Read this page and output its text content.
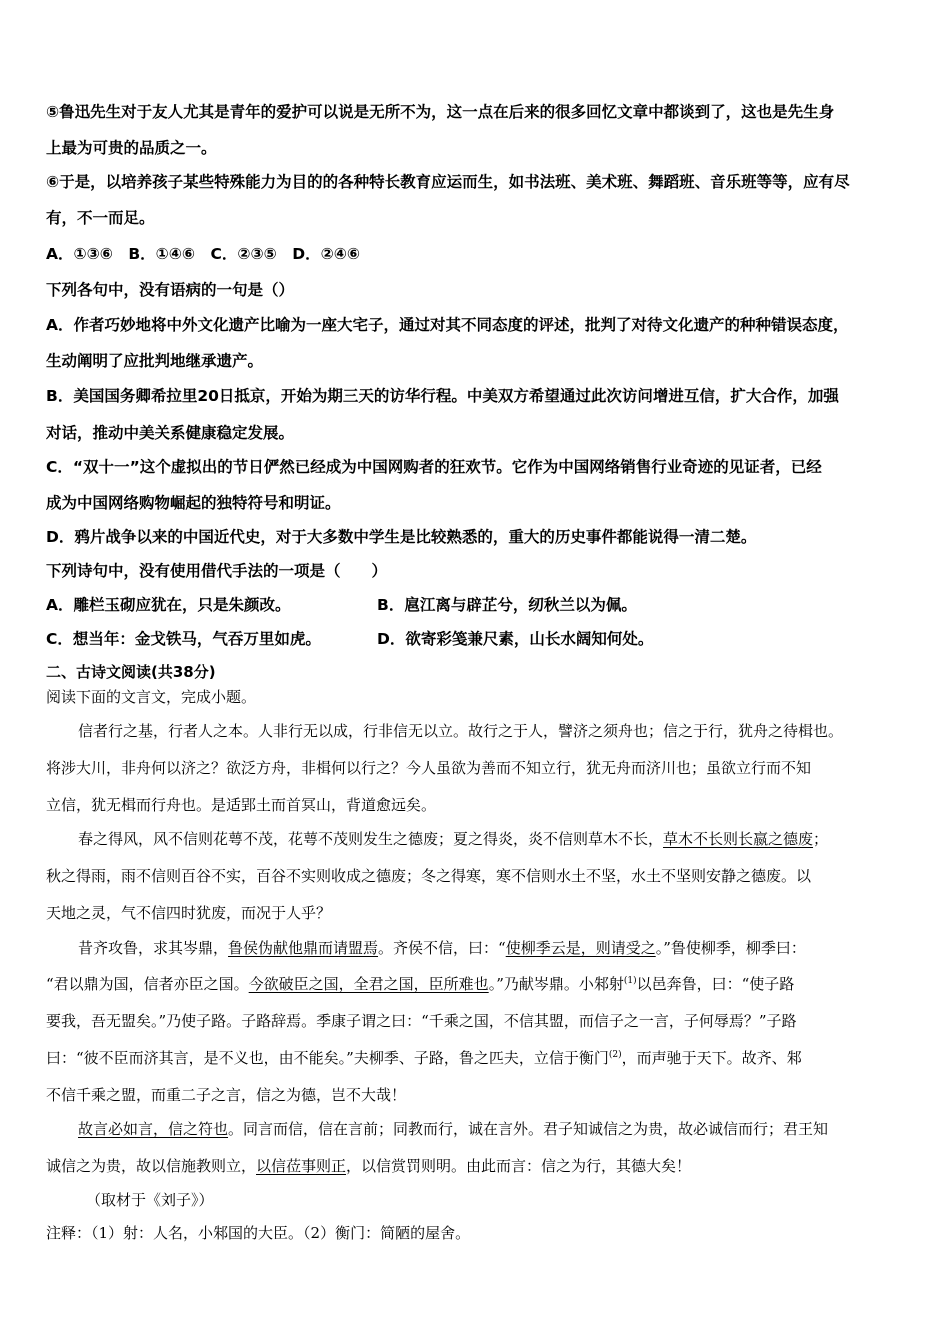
⑤鲁迅先生对于友人尤其是青年的爱护可以说是无所不为，这一点在后来的很多回忆文章中都谈到了，这也是先生身
上最为可贵的品质之一。
⑥于是，以培养孩子某些特殊能力为目的的各种特长教育应运而生，如书法班、美术班、舞蹈班、音乐班等等，应有尽
有，不一而足。
A．①③⑥　B．①④⑥　C．②③⑤　D．②④⑥
下列各句中，没有语病的一句是（）
A．作者巧妙地将中外文化遗产比喻为一座大宅子，通过对其不同态度的评述，批判了对待文化遗产的种种错误态度，
生动阐明了应批判地继承遗产。
B．美国国务卿希拉里20日抵京，开始为期三天的访华行程。中美双方希望通过此次访问增进互信，扩大合作，加强
对话，推动中美关系健康稳定发展。
C．“双十一”这个虚拟出的节日俨然已经成为中国网购者的狂欢节。它作为中国网络销售行业奇迹的见证者，已经
成为中国网络购物崛起的独特符号和明证。
D．鸦片战争以来的中国近代史，对于大多数中学生是比较熟悉的，重大的历史事件都能说得一清二楚。
下列诗句中，没有使用借代手法的一项是（　　）
A．雕栏玉砌应犹在，只是朱颜改。	B．扈江离与辟芷兮，纫秋兰以为佩。
C．想当年：金戈铁马，气吞万里如虎。	D．欲寄彩笺兼尺素，山长水阔知何处。
二、古诗文阅读(共38分)
阅读下面的文言文，完成小题。
信者行之基，行者人之本。人非行无以成，行非信无以立。故行之于人，譬济之须舟也；信之于行，犹舟之待楫也。
将涉大川，非舟何以济之？欲泛方舟，非楫何以行之？今人虽欲为善而不知立行，犹无舟而济川也；虽欲立行而不知
立信，犹无楫而行舟也。是适郢土而首冥山，背道愈远矣。
春之得风，风不信则花萼不茂，花萼不茂则发生之德废；夏之得炎，炎不信则草木不长，草木不长则长嬴之德废；
秋之得雨，雨不信则百谷不实，百谷不实则收成之德废；冬之得寒，寒不信则水土不坚，水土不坚则安静之德废。以
天地之灵，气不信四时犹废，而况于人乎？
昔齐攻鲁，求其岑鼎，鲁侯伪献他鼎而请盟焉。齐侯不信，曰：“使柳季云是，则请受之。”鲁使柳季，柳季曰：
“君以鼎为国，信者亦臣之国。今欲破臣之国，全君之国，臣所难也。”乃献岑鼎。小邾射$^{(1)}$以邑奔鲁，曰：“使子路
要我，吾无盟矣。”乃使子路。子路辞焉。季康子谓之曰：“千乘之国，不信其盟，而信子之一言，子何辱焉？”子路
曰：“彼不臣而济其言，是不义也，由不能矣。”夫柳季、子路，鲁之匹夫，立信于衡门$^{(2)}$，而声驰于天下。故齐、邾
不信千乘之盟，而重二子之言，信之为德，岂不大哉！
故言必如言，信之符也。同言而信，信在言前；同教而行，诚在言外。君子知诚信之为贵，故必诚信而行；君王知
诚信之为贵，故以信施教则立，以信莅事则正，以信赏罚则明。由此而言：信之为行，其德大矣！
（取材于《刘子》）
注释：（1）射：人名，小邾国的大臣。（2）衡门：简陋的屋舍。
